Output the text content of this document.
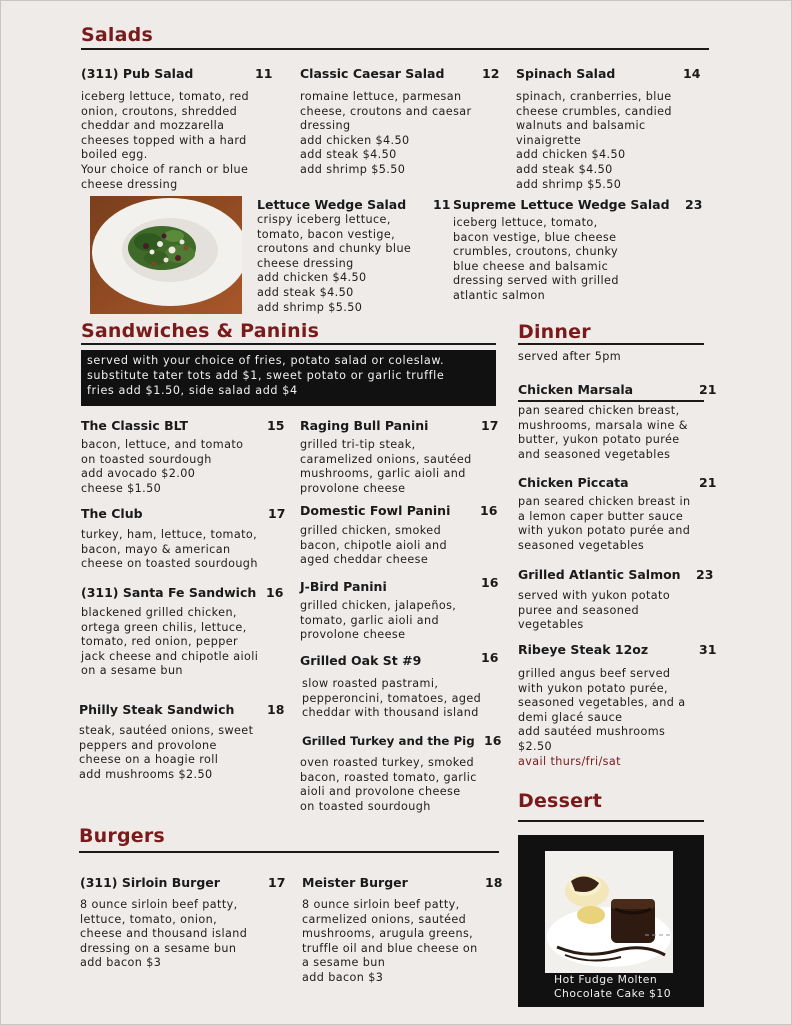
Salads
(311) Pub Salad	11
iceberg lettuce, tomato, red
onion, croutons, shredded
cheddar and mozzarella
cheeses topped with a hard
boiled egg.
Your choice of ranch or blue
cheese dressing
Classic Caesar Salad	12
romaine lettuce, parmesan
cheese, croutons and caesar
dressing
add chicken $4.50
add steak $4.50
add shrimp $5.50
Spinach Salad	14
spinach, cranberries, blue
cheese crumbles, candied
walnuts and balsamic
vinaigrette
add chicken $4.50
add steak $4.50
add shrimp $5.50
Lettuce Wedge Salad 11
crispy iceberg lettuce,
tomato, bacon vestige,
croutons and chunky blue
cheese dressing
add chicken $4.50
add steak $4.50
add shrimp $5.50
Supreme Lettuce Wedge Salad 23
iceberg lettuce, tomato,
bacon vestige, blue cheese
crumbles, croutons, chunky
blue cheese and balsamic
dressing served with grilled
atlantic salmon
Sandwiches & Paninis
served with your choice of fries, potato salad or coleslaw.
substitute tater tots add $1, sweet potato or garlic truffle
fries add $1.50, side salad add $4
The Classic BLT	15
bacon, lettuce, and tomato
on toasted sourdough
add avocado $2.00
cheese $1.50
The Club	17
turkey, ham, lettuce, tomato,
bacon, mayo & american
cheese on toasted sourdough
(311) Santa Fe Sandwich 16
blackened grilled chicken,
ortega green chilis, lettuce,
tomato, red onion, pepper
jack cheese and chipotle aioli
on a sesame bun
Philly Steak Sandwich	18
steak, sautéed onions, sweet
peppers and provolone
cheese on a hoagie roll
add mushrooms $2.50
Raging Bull Panini	17
grilled tri-tip steak,
caramelized onions, sautéed
mushrooms, garlic aioli and
provolone cheese
Domestic Fowl Panini 16
grilled chicken, smoked
bacon, chipotle aioli and
aged cheddar cheese
J-Bird Panini	16
grilled chicken, jalapeños,
tomato, garlic aioli and
provolone cheese
Grilled Oak St #9	16
slow roasted pastrami,
pepperoncini, tomatoes, aged
cheddar with thousand island
Grilled Turkey and the Pig 16
oven roasted turkey, smoked
bacon, roasted tomato, garlic
aioli and provolone cheese
on toasted sourdough
Dinner
served after 5pm
Chicken Marsala	21
pan seared chicken breast,
mushrooms, marsala wine &
butter, yukon potato purée
and seasoned vegetables
Chicken Piccata	21
pan seared chicken breast in
a lemon caper butter sauce
with yukon potato purée and
seasoned vegetables
Grilled Atlantic Salmon 23
served with yukon potato
puree and seasoned
vegetables
Ribeye Steak 12oz	31
grilled angus beef served
with yukon potato purée,
seasoned vegetables, and a
demi glacé sauce
add sautéed mushrooms
$2.50
avail thurs/fri/sat
Dessert
Hot Fudge Molten
Chocolate Cake $10
Burgers
(311) Sirloin Burger	17
8 ounce sirloin beef patty,
lettuce, tomato, onion,
cheese and thousand island
dressing on a sesame bun
add bacon $3
Meister Burger	18
8 ounce sirloin beef patty,
carmelized onions, sautéed
mushrooms, arugula greens,
truffle oil and blue cheese on
a sesame bun
add bacon $3
